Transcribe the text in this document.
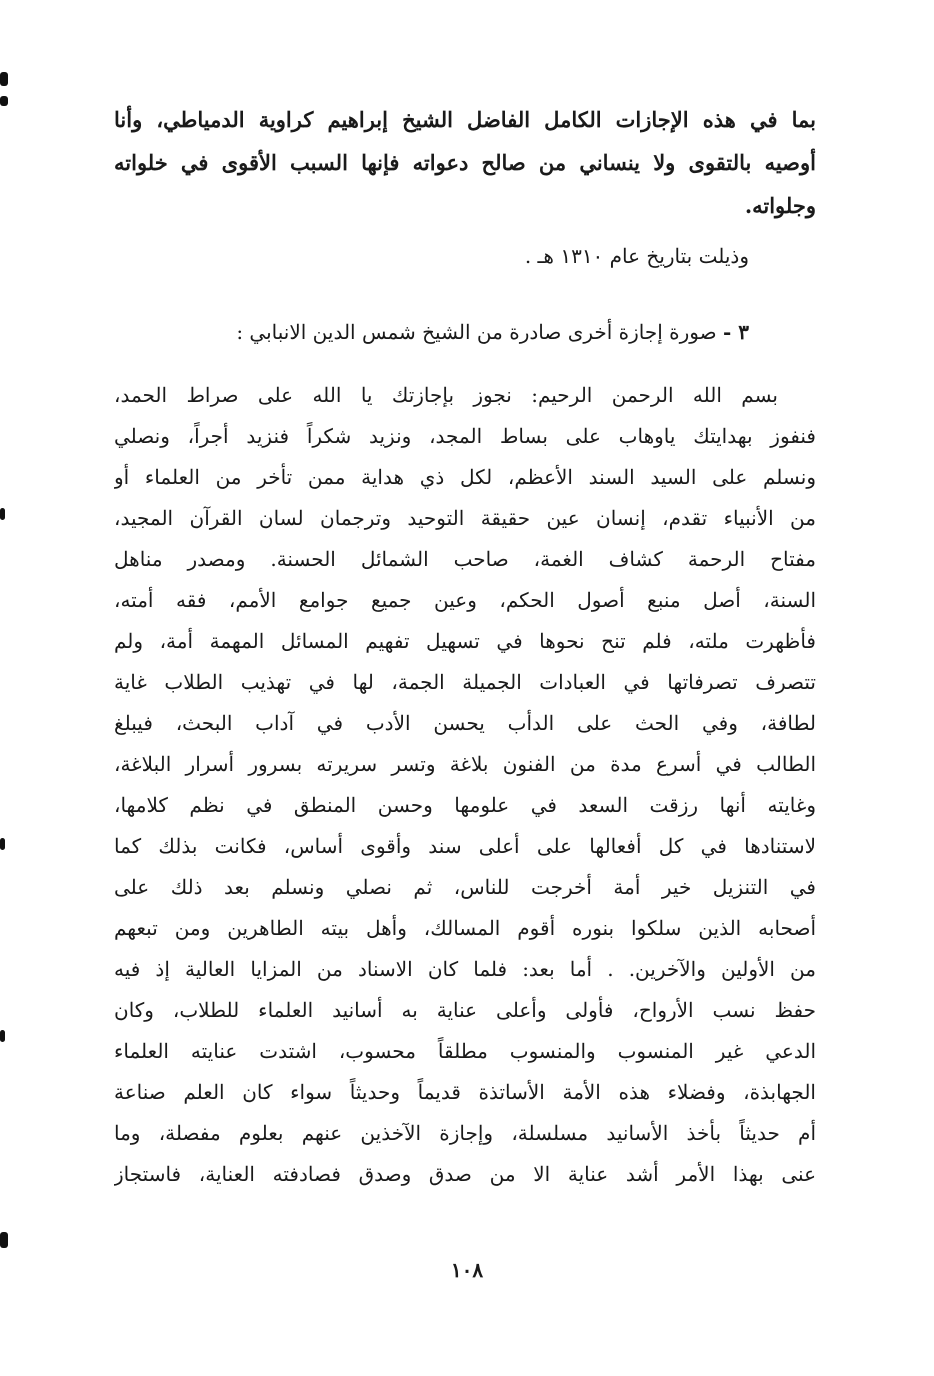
بما في هذه الإجازات الكامل الفاضل الشيخ إبراهيم كراوية الدمياطي، وأنا
أوصيه بالتقوى ولا ينساني من صالح دعواته فإنها السبب الأقوى في خلواته
وجلواته.
وذيلت بتاريخ عام ١٣١٠ هـ .
٣ - صورة إجازة أخرى صادرة من الشيخ شمس الدين الانبابي :
بسم الله الرحمن الرحيم: نجوز بإجازتك يا الله على صراط الحمد،
فنفوز بهدايتك ياوهاب على بساط المجد، ونزيد شكراً فنزيد أجراً، ونصلي
ونسلم على السيد السند الأعظم، لكل ذي هداية ممن تأخر من العلماء أو
من الأنبياء تقدم، إنسان عين حقيقة التوحيد وترجمان لسان القرآن المجيد،
مفتاح الرحمة كشاف الغمة، صاحب الشمائل الحسنة. ومصدر مناهل
السنة، أصل منبع أصول الحكم، وعين جميع جوامع الأمم، فقه أمته،
فأظهرت ملته، فلم تنح نحوها في تسهيل تفهيم المسائل المهمة أمة، ولم
تتصرف تصرفاتها في العبادات الجميلة الجمة، لها في تهذيب الطلاب غاية
لطافة، وفي الحث على الدأب يحسن الأدب في آداب البحث، فيبلغ
الطالب في أسرع مدة من الفنون بلاغة وتسر سريرته بسرور أسرار البلاغة،
وغايته أنها رزقت السعد في علومها وحسن المنطق في نظم كلامها،
لاستنادها في كل أفعالها على أعلى سند وأقوى أساس، فكانت بذلك كما
في التنزيل خير أمة أخرجت للناس، ثم نصلي ونسلم بعد ذلك على
أصحابه الذين سلكوا بنوره أقوم المسالك، وأهل بيته الطاهرين ومن تبعهم
من الأولين والآخرين. . أما بعد: فلما كان الاسناد من المزايا العالية إذ فيه
حفظ نسب الأرواح، فأولى وأعلى عناية به أسانيد العلماء للطلاب، وكان
الدعي غير المنسوب والمنسوب مطلقاً محسوب، اشتدت عنايته العلماء
الجهابذة، وفضلاء هذه الأمة الأساتذة قديماً وحديثاً سواء كان العلم صناعة
أم حديثاً بأخذ الأسانيد مسلسلة، وإجازة الآخذين عنهم بعلوم مفصلة، وما
عنى بهذا الأمر أشد عناية الا من صدق وصدق فصادفته العناية، فاستجاز
١٠٨
